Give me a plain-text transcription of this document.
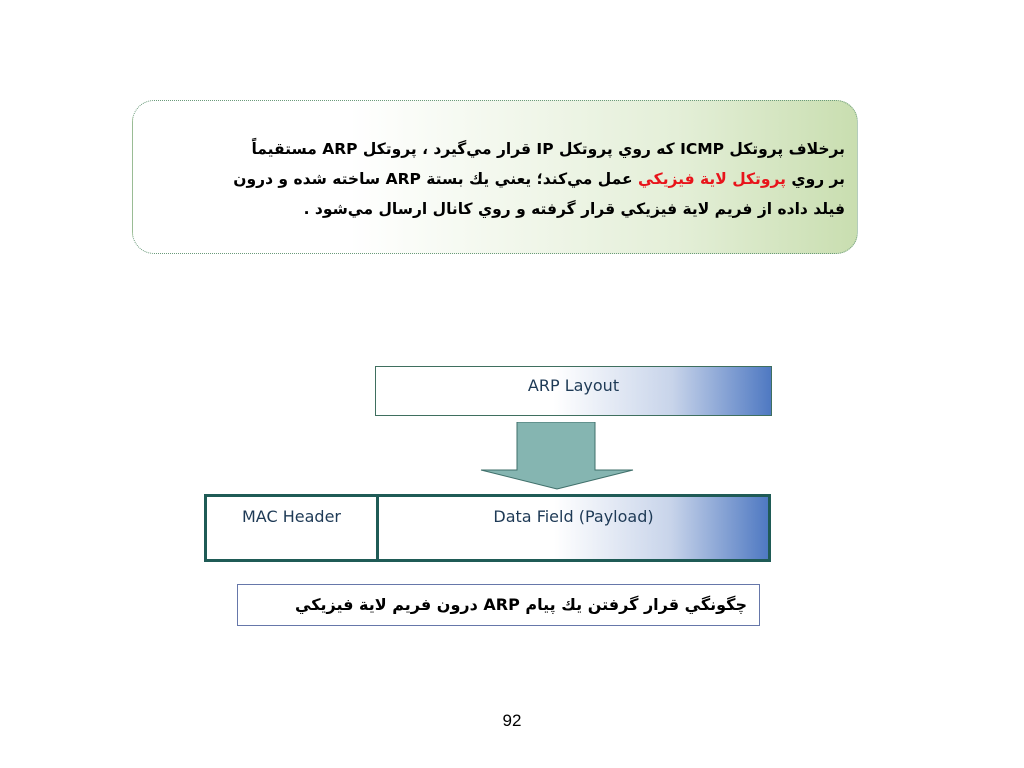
برخلاف پروتكل ICMP كه روي پروتكل IP قرار مي‌گيرد ، پروتكل ARP مستقيماً
بر روي پروتكل لاية فيزيكي عمل مي‌كند؛ يعني يك بستة ARP ساخته شده و درون
فيلد داده از فريم لاية فيزيكي قرار گرفته و روي كانال ارسال مي‌شود .

ARP Layout
MAC Header	Data Field (Payload)
چگونگي قرار گرفتن يك پيام ARP درون فريم لاية فيزيكي
92
